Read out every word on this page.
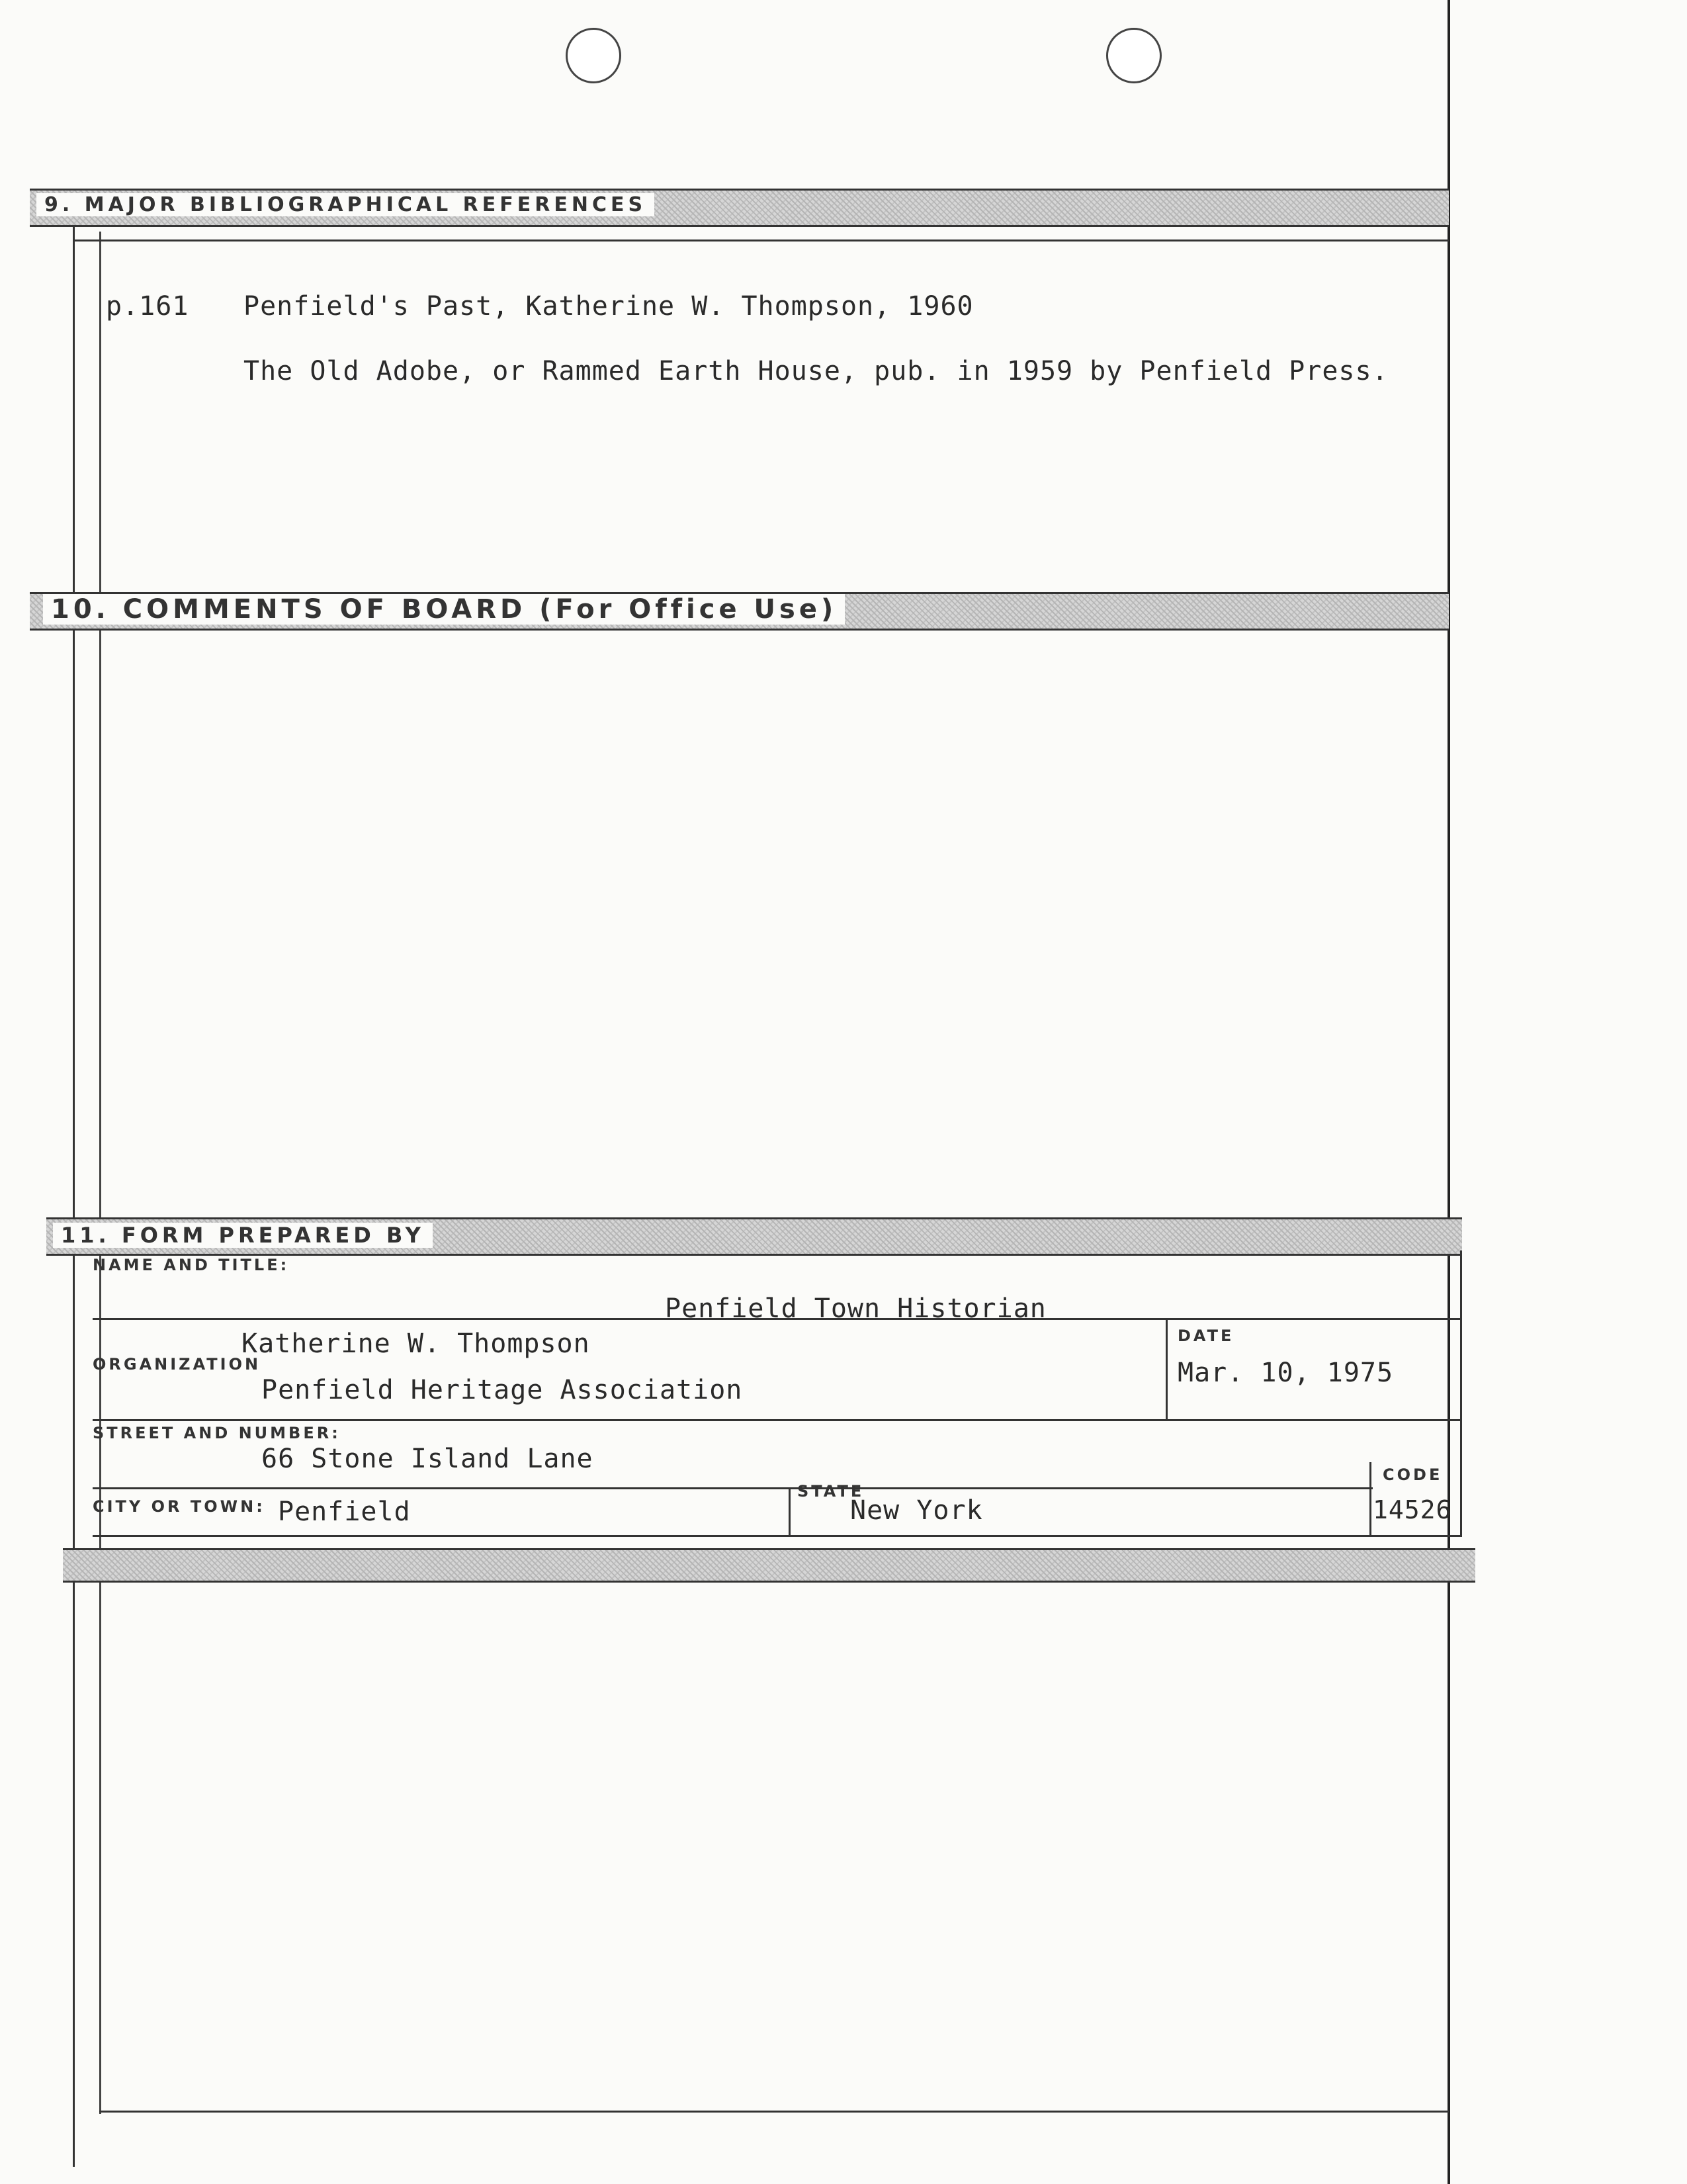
9. MAJOR BIBLIOGRAPHICAL REFERENCES
p.161 Penfield's Past, Katherine W. Thompson, 1960
The Old Adobe, or Rammed Earth House, pub. in 1959 by Penfield Press.
10. COMMENTS OF BOARD (For Office Use)
11. FORM PREPARED BY
NAME AND TITLE:
ORGANIZATION
DATE
STREET AND NUMBER:
CITY OR TOWN:
STATE
CODE
Penfield Town Historian
Katherine W. Thompson
Mar. 10, 1975
Penfield Heritage Association
66 Stone Island Lane
Penfield	New York	14526
